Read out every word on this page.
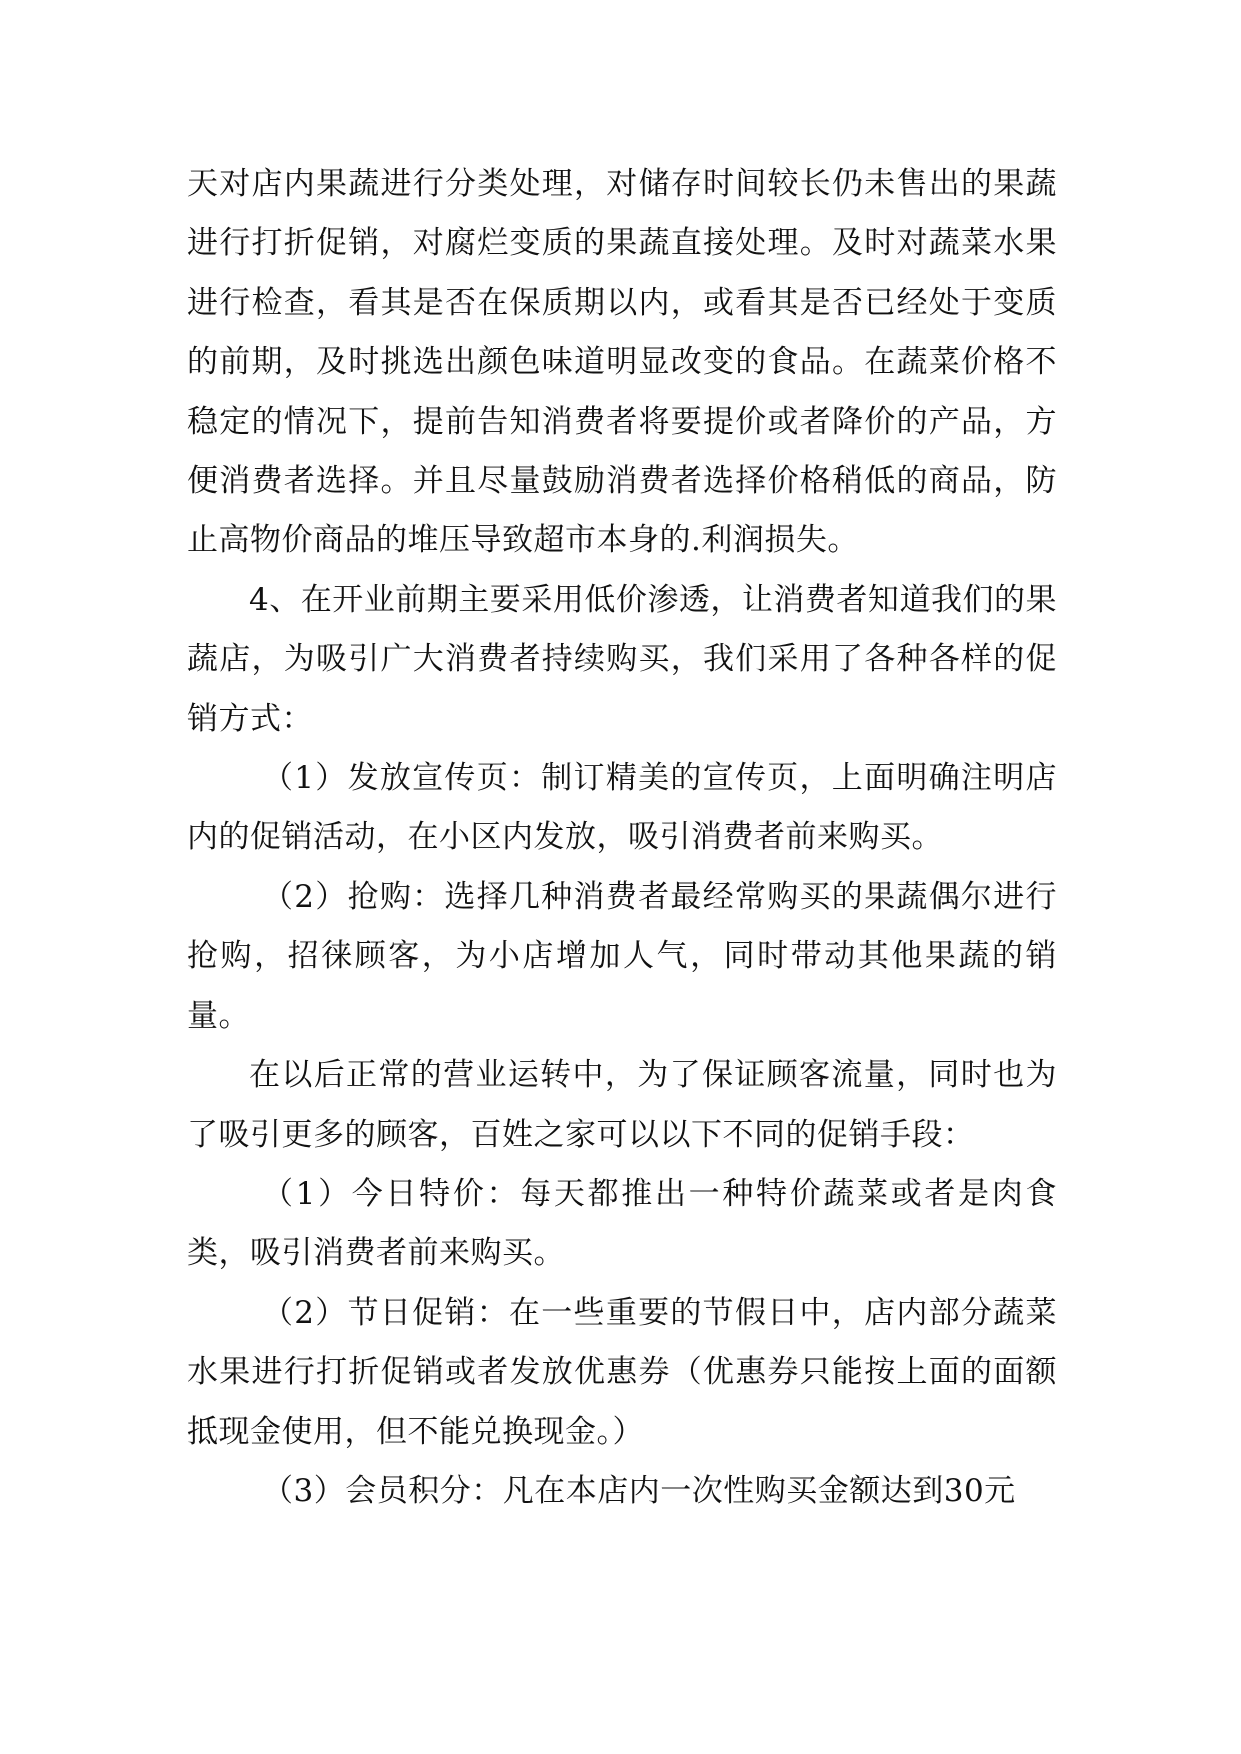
天对店内果蔬进行分类处理，对储存时间较长仍未售出的果蔬进行打折促销，对腐烂变质的果蔬直接处理。及时对蔬菜水果进行检查，看其是否在保质期以内，或看其是否已经处于变质的前期，及时挑选出颜色味道明显改变的食品。在蔬菜价格不稳定的情况下，提前告知消费者将要提价或者降价的产品，方便消费者选择。并且尽量鼓励消费者选择价格稍低的商品，防止高物价商品的堆压导致超市本身的.利润损失。

4、在开业前期主要采用低价渗透，让消费者知道我们的果蔬店，为吸引广大消费者持续购买，我们采用了各种各样的促销方式：

（1）发放宣传页：制订精美的宣传页，上面明确注明店内的促销活动，在小区内发放，吸引消费者前来购买。

（2）抢购：选择几种消费者最经常购买的果蔬偶尔进行抢购，招徕顾客，为小店增加人气，同时带动其他果蔬的销量。

在以后正常的营业运转中，为了保证顾客流量，同时也为了吸引更多的顾客，百姓之家可以以下不同的促销手段：

（1）今日特价：每天都推出一种特价蔬菜或者是肉食类，吸引消费者前来购买。

（2）节日促销：在一些重要的节假日中，店内部分蔬菜水果进行打折促销或者发放优惠券（优惠券只能按上面的面额抵现金使用，但不能兑换现金。）

（3）会员积分：凡在本店内一次性购买金额达到30元
